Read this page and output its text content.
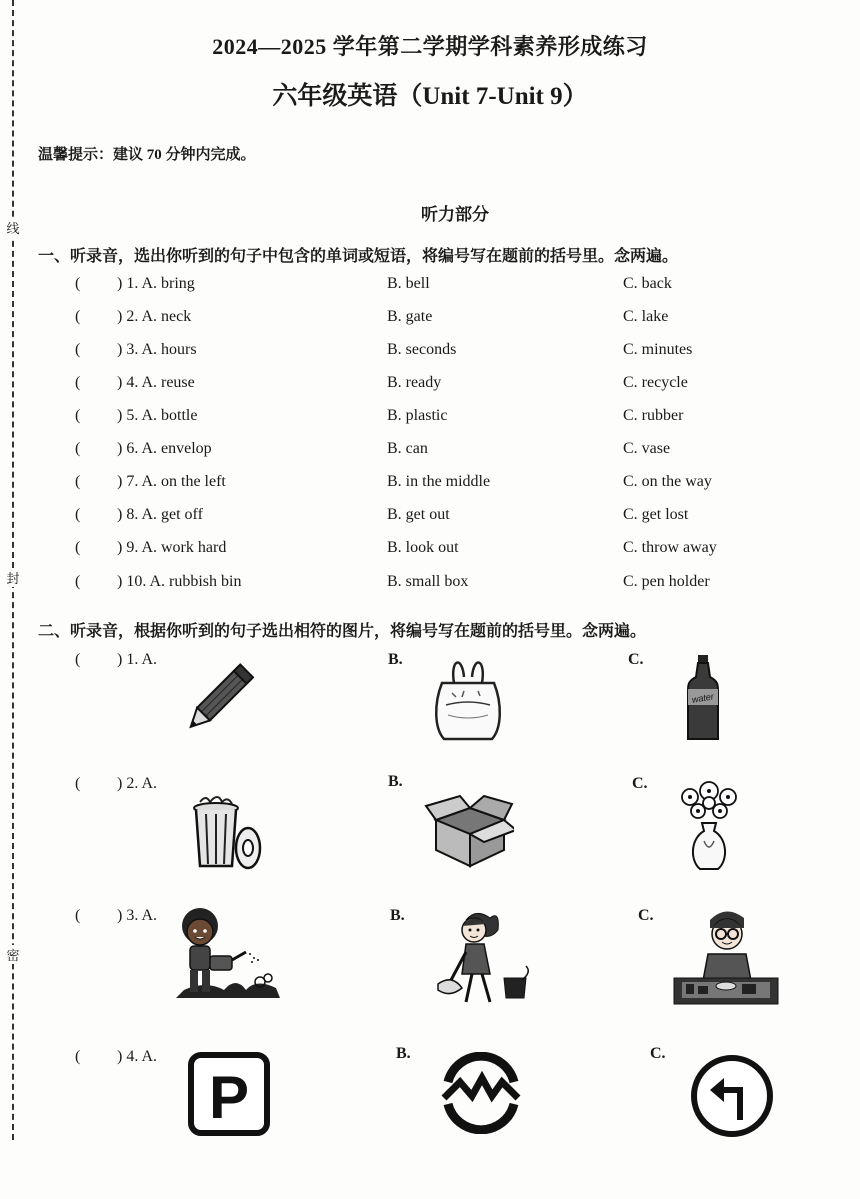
线
封
密
2024—2025 学年第二学期学科素养形成练习
六年级英语（Unit 7-Unit 9）
温馨提示：建议 70 分钟内完成。
听力部分
一、听录音，选出你听到的句子中包含的单词或短语，将编号写在题前的括号里。念两遍。
( ) 1. A. bring	B. bell	C. back
( ) 2. A. neck	B. gate	C. lake
( ) 3. A. hours	B. seconds	C. minutes
( ) 4. A. reuse	B. ready	C. recycle
( ) 5. A. bottle	B. plastic	C. rubber
( ) 6. A. envelop	B. can	C. vase
( ) 7. A. on the left	B. in the middle	C. on the way
( ) 8. A. get off	B. get out	C. get lost
( ) 9. A. work hard	B. look out	C. throw away
( ) 10. A. rubbish bin	B. small box	C. pen holder
二、听录音，根据你听到的句子选出相符的图片，将编号写在题前的括号里。念两遍。
( ) 1. A.	B.	C.
( ) 2. A.	B.	C.
( ) 3. A.	B.	C.
( ) 4. A.	B.	C.
water
P
